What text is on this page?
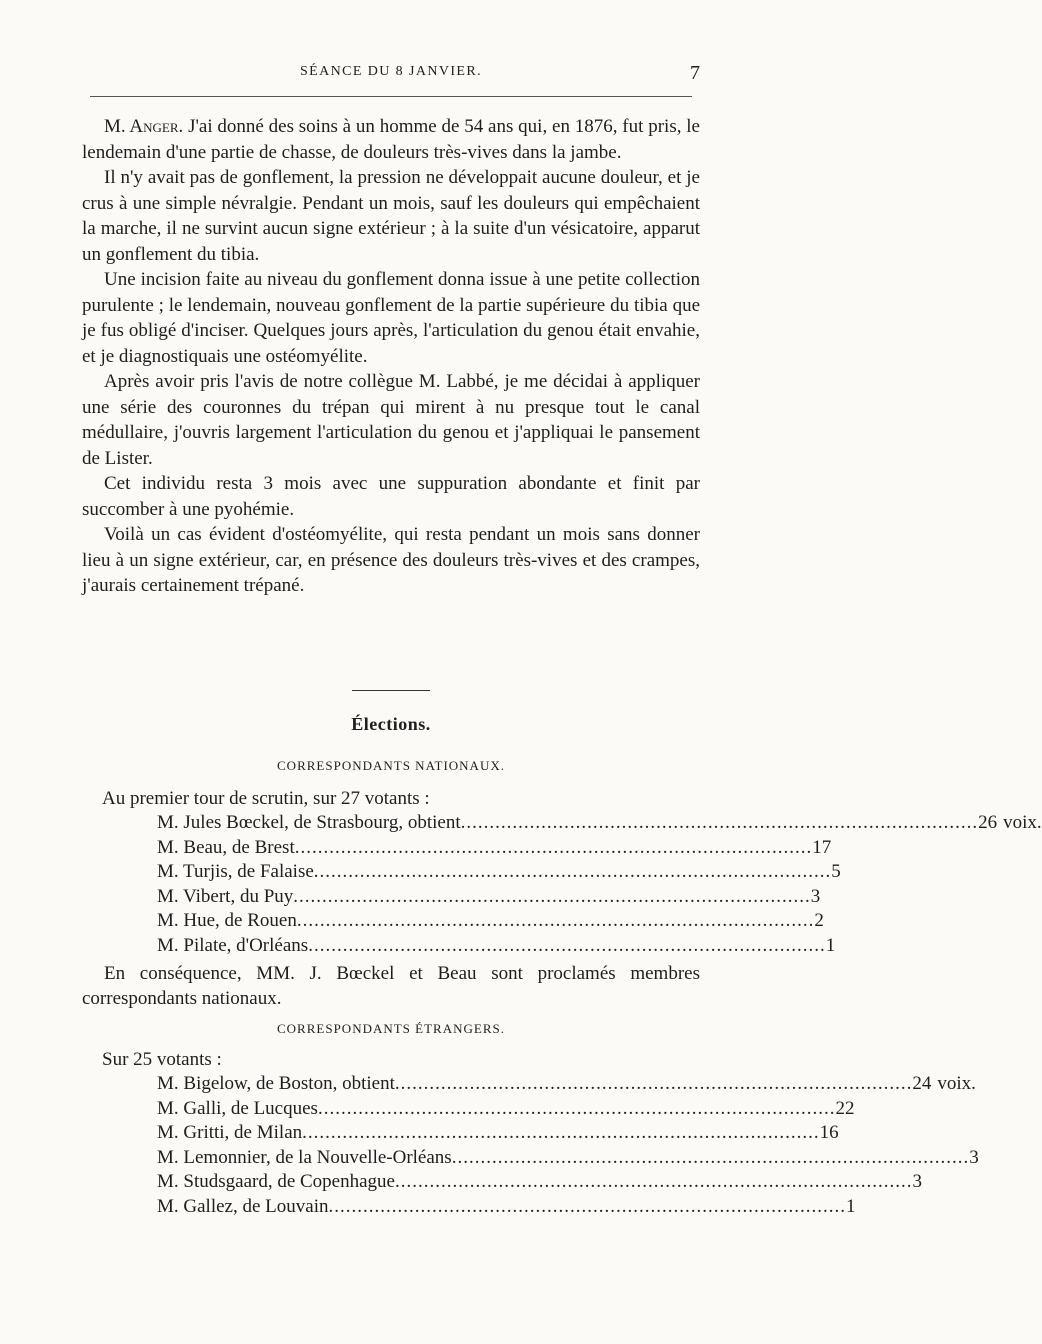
SÉANCE DU 8 JANVIER.	7

M. Anger. J'ai donné des soins à un homme de 54 ans qui, en 1876, fut pris, le lendemain d'une partie de chasse, de douleurs très-vives dans la jambe.

Il n'y avait pas de gonflement, la pression ne développait aucune douleur, et je crus à une simple névralgie. Pendant un mois, sauf les douleurs qui empêchaient la marche, il ne survint aucun signe extérieur ; à la suite d'un vésicatoire, apparut un gonflement du tibia.

Une incision faite au niveau du gonflement donna issue à une petite collection purulente ; le lendemain, nouveau gonflement de la partie supérieure du tibia que je fus obligé d'inciser. Quelques jours après, l'articulation du genou était envahie, et je diagnostiquais une ostéomyélite.

Après avoir pris l'avis de notre collègue M. Labbé, je me décidai à appliquer une série des couronnes du trépan qui mirent à nu presque tout le canal médullaire, j'ouvris largement l'articulation du genou et j'appliquai le pansement de Lister.

Cet individu resta 3 mois avec une suppuration abondante et finit par succomber à une pyohémie.

Voilà un cas évident d'ostéomyélite, qui resta pendant un mois sans donner lieu à un signe extérieur, car, en présence des douleurs très-vives et des crampes, j'aurais certainement trépané.

Élections.
CORRESPONDANTS NATIONAUX.
Au premier tour de scrutin, sur 27 votants :
M. Jules Bœckel, de Strasbourg, obtient .......................................................................................... 26 voix.
M. Beau, de Brest .......................................................................................... 17
M. Turjis, de Falaise .......................................................................................... 5
M. Vibert, du Puy .......................................................................................... 3
M. Hue, de Rouen .......................................................................................... 2
M. Pilate, d'Orléans .......................................................................................... 1
En conséquence, MM. J. Bœckel et Beau sont proclamés membres correspondants nationaux.
CORRESPONDANTS ÉTRANGERS.
Sur 25 votants :
M. Bigelow, de Boston, obtient .......................................................................................... 24 voix.
M. Galli, de Lucques .......................................................................................... 22
M. Gritti, de Milan .......................................................................................... 16
M. Lemonnier, de la Nouvelle-Orléans .......................................................................................... 3
M. Studsgaard, de Copenhague .......................................................................................... 3
M. Gallez, de Louvain .......................................................................................... 1
